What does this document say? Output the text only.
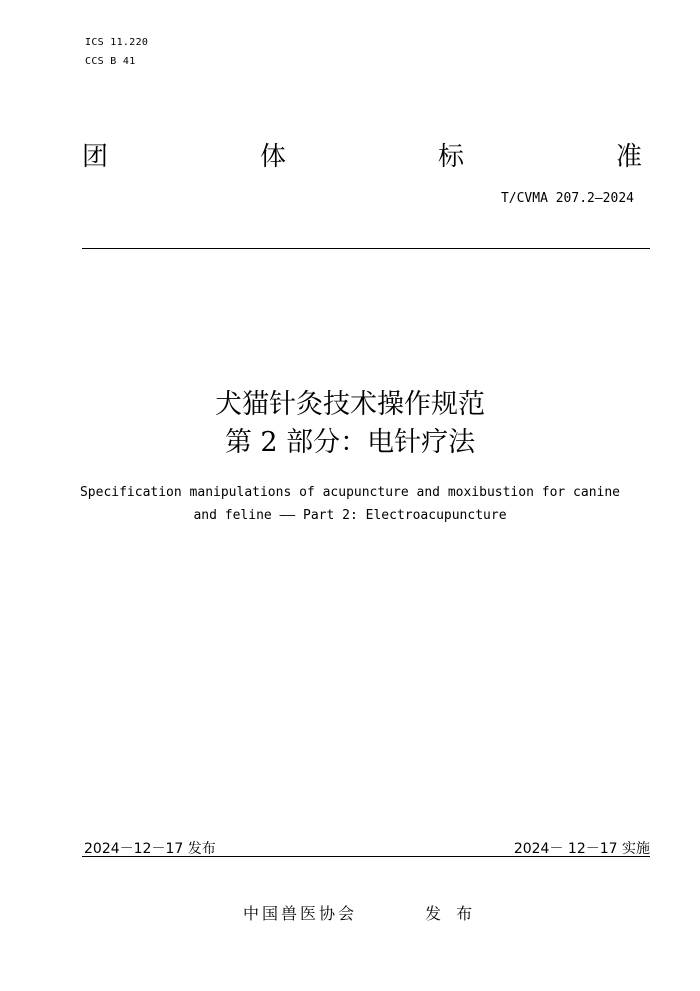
ICS 11.220
CCS B 41
团	体	标	准
T/CVMA 207.2—2024
犬猫针灸技术操作规范
第 2 部分：电针疗法
Specification manipulations of acupuncture and moxibustion for canine
and feline —— Part 2: Electroacupuncture
2024－12－17 发布	2024－ 12－17 实施
中国兽医协会	发 布
